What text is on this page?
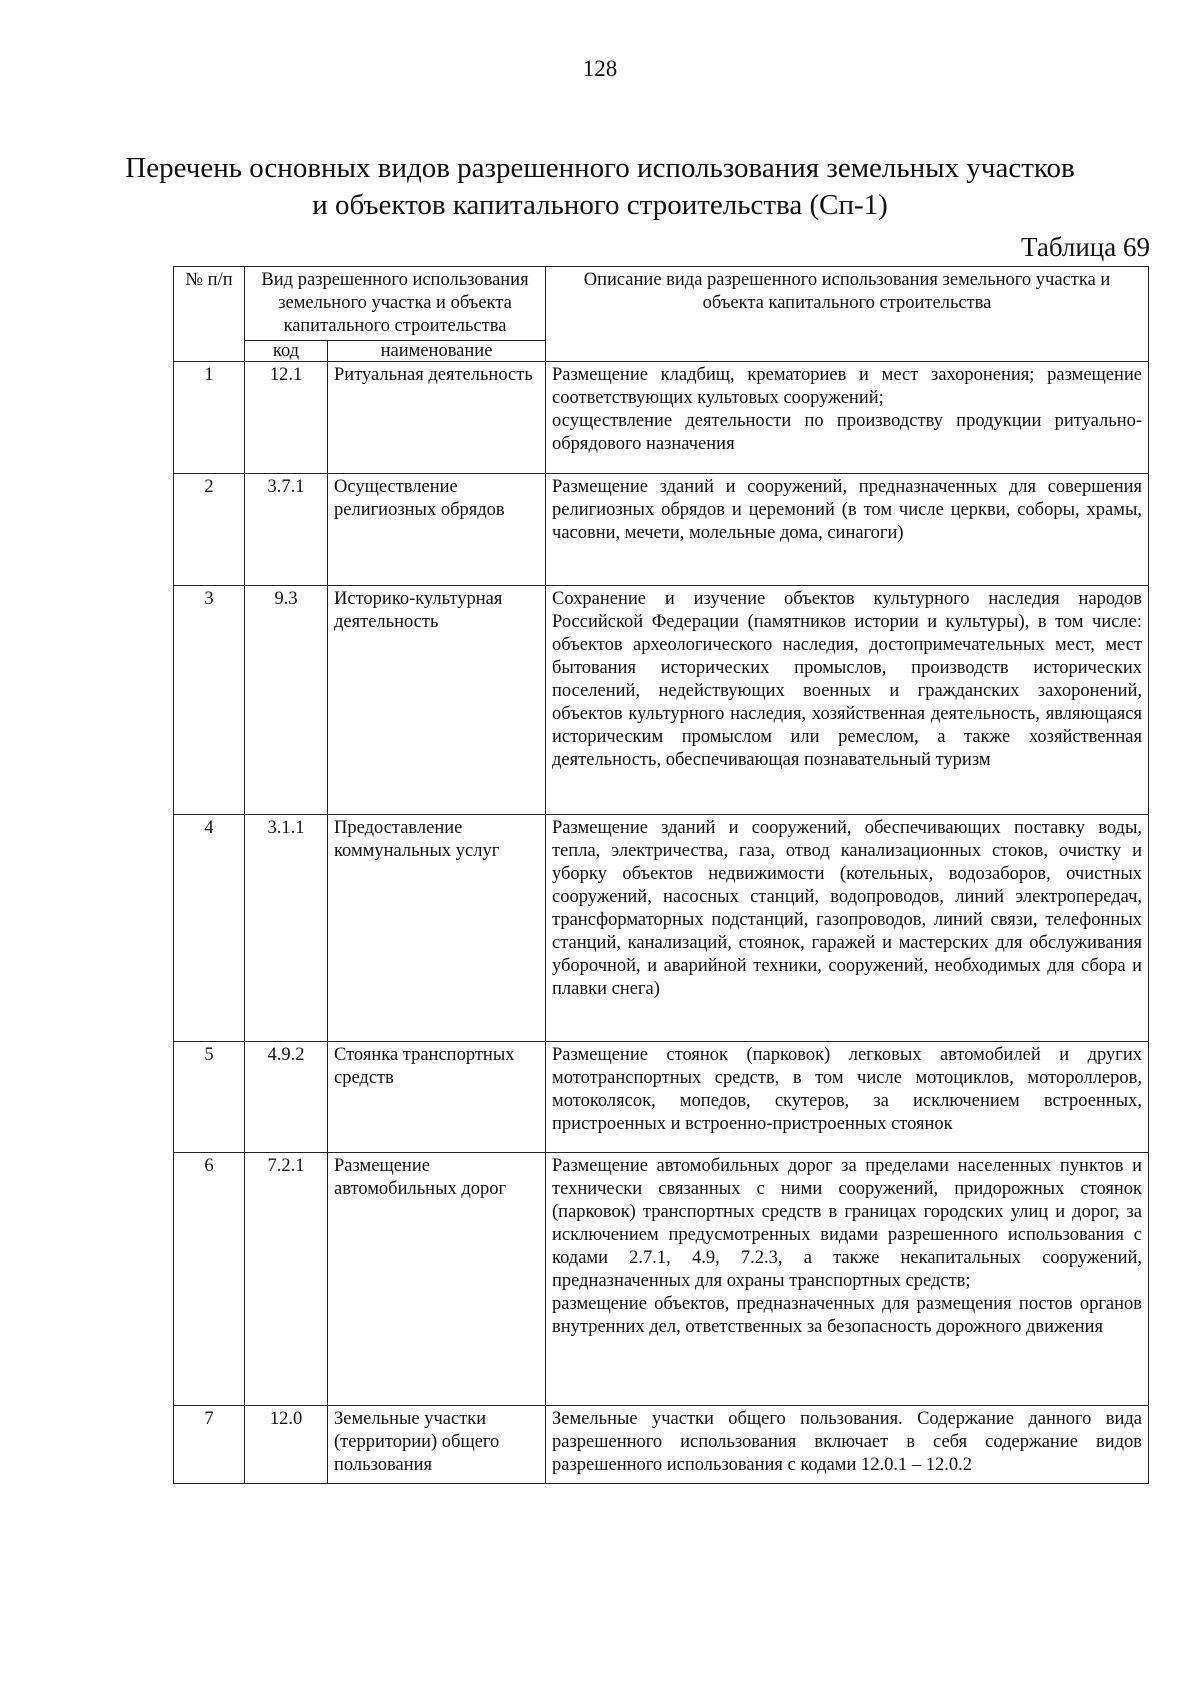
128
Перечень основных видов разрешенного использования земельных участков
и объектов капитального строительства (Сп-1)
Таблица 69
№ п/п	Вид разрешенного использования земельного участка и объекта капитального строительства		Описание вида разрешенного использования земельного участка и объекта капитального строительства
	код	наименование	
1	12.1	Ритуальная деятельность	Размещение кладбищ, крематориев и мест захоронения; размещение соответствующих культовых сооружений;
осуществление деятельности по производству продукции ритуально-обрядового назначения

2	3.7.1	Осуществление религиозных обрядов	Размещение зданий и сооружений, предназначенных для совершения религиозных обрядов и церемоний (в том числе церкви, соборы, храмы, часовни, мечети, молельные дома, синагоги)

3	9.3	Историко-культурная деятельность	Сохранение и изучение объектов культурного наследия народов Российской Федерации (памятников истории и культуры), в том числе: объектов археологического наследия, достопримечательных мест, мест бытования исторических промыслов, производств исторических поселений, недействующих военных и гражданских захоронений, объектов культурного наследия, хозяйственная деятельность, являющаяся историческим промыслом или ремеслом, а также хозяйственная деятельность, обеспечивающая познавательный туризм

4	3.1.1	Предоставление коммунальных услуг	Размещение зданий и сооружений, обеспечивающих поставку воды, тепла, электричества, газа, отвод канализационных стоков, очистку и уборку объектов недвижимости (котельных, водозаборов, очистных сооружений, насосных станций, водопроводов, линий электропередач, трансформаторных подстанций, газопроводов, линий связи, телефонных станций, канализаций, стоянок, гаражей и мастерских для обслуживания уборочной, и аварийной техники, сооружений, необходимых для сбора и плавки снега)

5	4.9.2	Стоянка транспортных средств	Размещение стоянок (парковок) легковых автомобилей и других мототранспортных средств, в том числе мотоциклов, мотороллеров, мотоколясок, мопедов, скутеров, за исключением встроенных, пристроенных и встроенно-пристроенных стоянок

6	7.2.1	Размещение автомобильных дорог	Размещение автомобильных дорог за пределами населенных пунктов и технически связанных с ними сооружений, придорожных стоянок (парковок) транспортных средств в границах городских улиц и дорог, за исключением предусмотренных видами разрешенного использования с кодами 2.7.1, 4.9, 7.2.3, а также некапитальных сооружений, предназначенных для охраны транспортных средств;
размещение объектов, предназначенных для размещения постов органов внутренних дел, ответственных за безопасность дорожного движения

7	12.0	Земельные участки (территории) общего пользования	Земельные участки общего пользования. Содержание данного вида разрешенного использования включает в себя содержание видов разрешенного использования с кодами 12.0.1 – 12.0.2
